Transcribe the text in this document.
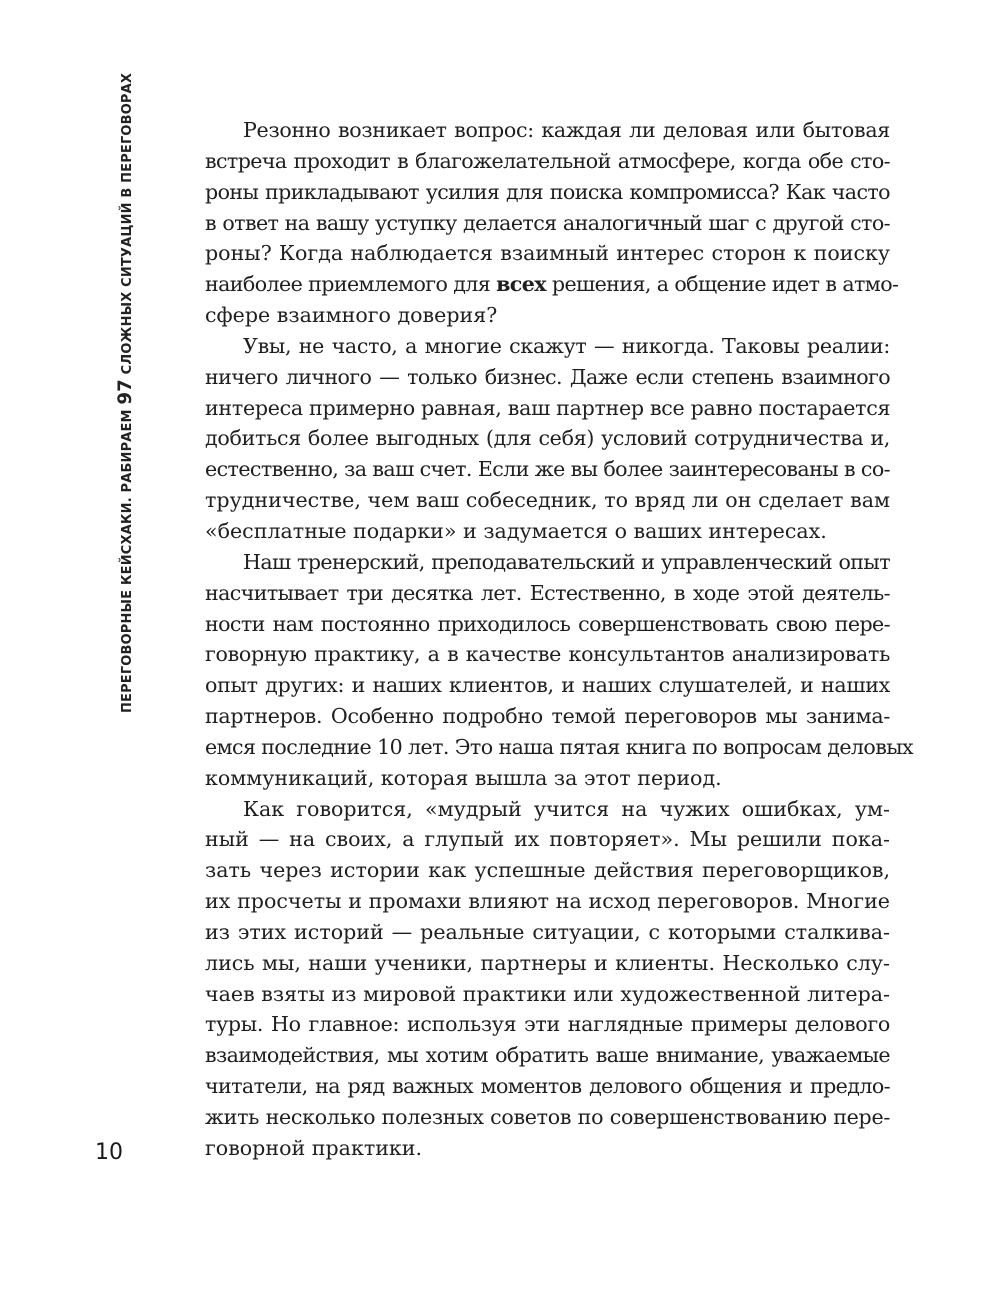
ПЕРЕГОВОРНЫЕ КЕЙСХАКИ. РАБИРАЕМ 97 СЛОЖНЫХ СИТУАЦИЙ В ПЕРЕГОВОРАХ	Резонно возникает вопрос: каждая ли деловая или бытовая
встреча проходит в благожелательной атмосфере, когда обе сто-
роны прикладывают усилия для поиска компромисса? Как часто
в ответ на вашу уступку делается аналогичный шаг с другой сто-
роны? Когда наблюдается взаимный интерес сторон к поиску
наиболее приемлемого для всех решения, а общение идет в атмо-
сфере взаимного доверия?

Увы, не часто, а многие скажут — никогда. Таковы реалии:
ничего личного — только бизнес. Даже если степень взаимного
интереса примерно равная, ваш партнер все равно постарается
добиться более выгодных (для себя) условий сотрудничества и,
естественно, за ваш счет. Если же вы более заинтересованы в со-
трудничестве, чем ваш собеседник, то вряд ли он сделает вам
«бесплатные подарки» и задумается о ваших интересах.

Наш тренерский, преподавательский и управленческий опыт
насчитывает три десятка лет. Естественно, в ходе этой деятель-
ности нам постоянно приходилось совершенствовать свою пере-
говорную практику, а в качестве консультантов анализировать
опыт других: и наших клиентов, и наших слушателей, и наших
партнеров. Особенно подробно темой переговоров мы занима-
емся последние 10 лет. Это наша пятая книга по вопросам деловых
коммуникаций, которая вышла за этот период.

Как говорится, «мудрый учится на чужих ошибках, ум-
ный — на своих, а глупый их повторяет». Мы решили пока-
зать через истории как успешные действия переговорщиков,
их просчеты и промахи влияют на исход переговоров. Многие
из этих историй — реальные ситуации, с которыми сталкива-
лись мы, наши ученики, партнеры и клиенты. Несколько слу-
чаев взяты из мировой практики или художественной литера-
туры. Но главное: используя эти наглядные примеры делового
взаимодействия, мы хотим обратить ваше внимание, уважаемые
читатели, на ряд важных моментов делового общения и предло-
жить несколько полезных советов по совершенствованию пере-
говорной практики.

10
